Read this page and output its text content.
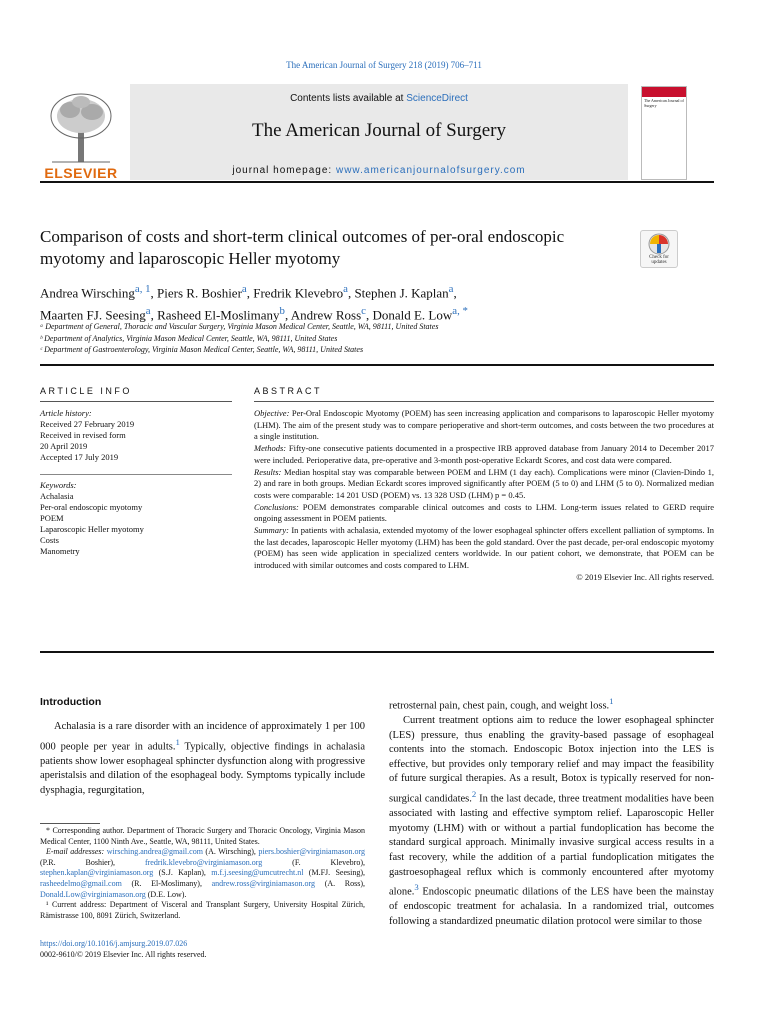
The American Journal of Surgery 218 (2019) 706–711
ELSEVIER
Contents lists available at ScienceDirect
The American Journal of Surgery
journal homepage: www.americanjournalofsurgery.com
The American Journal of Surgery
Comparison of costs and short-term clinical outcomes of per-oral endoscopic myotomy and laparoscopic Heller myotomy	Check for updates
Andrea Wirsching$^{a, 1}$, Piers R. Boshier$^a$, Fredrik Klevebro$^a$, Stephen J. Kaplan$^a$,
Maarten FJ. Seesing$^a$, Rasheed El-Moslimany$^b$, Andrew Ross$^c$, Donald E. Low$^{a, *}$
ᵃ Department of General, Thoracic and Vascular Surgery, Virginia Mason Medical Center, Seattle, WA, 98111, United States
ᵇ Department of Analytics, Virginia Mason Medical Center, Seattle, WA, 98111, United States
ᶜ Department of Gastroenterology, Virginia Mason Medical Center, Seattle, WA, 98111, United States
ARTICLE INFO
Article history:
Received 27 February 2019
Received in revised form
20 April 2019
Accepted 17 July 2019
Keywords:
Achalasia
Per-oral endoscopic myotomy
POEM
Laparoscopic Heller myotomy
Costs
Manometry
ABSTRACT

Objective: Per-Oral Endoscopic Myotomy (POEM) has seen increasing application and comparisons to laparoscopic Heller myotomy (LHM). The aim of the present study was to compare perioperative and short-term outcomes, and costs between the two procedures at a single institution.

Methods: Fifty-one consecutive patients documented in a prospective IRB approved database from January 2014 to December 2017 were included. Perioperative data, pre-operative and 3-month post-operative Eckardt Scores, and cost data were compared.

Results: Median hospital stay was comparable between POEM and LHM (1 day each). Complications were minor (Clavien-Dindo 1, 2) and rare in both groups. Median Eckardt scores improved significantly after POEM (5 to 0) and LHM (5 to 0). Normalized median costs were comparable: 14 201 USD (POEM) vs. 13 328 USD (LHM) p = 0.45.

Conclusions: POEM demonstrates comparable clinical outcomes and costs to LHM. Long-term issues related to GERD require ongoing assessment in POEM patients.

Summary: In patients with achalasia, extended myotomy of the lower esophageal sphincter offers excellent palliation of symptoms. In the last decades, laparoscopic Heller myotomy (LHM) has been the gold standard. Over the past decade, per-oral endoscopic myotomy (POEM) has seen wide application in specialized centers worldwide. In our patient cohort, we demonstrate, that POEM can be introduced with similar outcomes and costs compared to LHM.

© 2019 Elsevier Inc. All rights reserved.

Introduction

Achalasia is a rare disorder with an incidence of approximately 1 per 100 000 people per year in adults.$^1$ Typically, objective findings in achalasia patients show lower esophageal sphincter dysfunction along with progressive aperistalsis and dilation of the esophageal body. Symptoms typically include dysphagia, regurgitation,

retrosternal pain, chest pain, cough, and weight loss.$^1$

Current treatment options aim to reduce the lower esophageal sphincter (LES) pressure, thus enabling the gravity-based passage of esophageal contents into the stomach. Endoscopic Botox injection into the LES is effective, but provides only temporary relief and may impact the feasibility of future surgical therapies. As a result, Botox is typically reserved for non-surgical candidates.$^2$ In the last decade, three treatment modalities have been associated with lasting and effective symptom relief. Laparoscopic Heller myotomy (LHM) with or without a partial fundoplication has become the standard surgical approach. Minimally invasive surgical access results in a fast recovery, while the addition of a partial fundoplication mitigates the gastroesophageal reflux which is commonly encountered after myotomy alone.$^3$ Endoscopic pneumatic dilations of the LES have been the mainstay of endoscopic treatment for achalasia. In a randomized trial, outcomes following a standardized pneumatic dilation protocol were similar to those

* Corresponding author. Department of Thoracic Surgery and Thoracic Oncology, Virginia Mason Medical Center, 1100 Ninth Ave., Seattle, WA, 98111, United States.

E-mail addresses: wirsching.andrea@gmail.com (A. Wirsching), piers.boshier@virginiamason.org (P.R. Boshier), fredrik.klevebro@virginiamason.org (F. Klevebro), stephen.kaplan@virginiamason.org (S.J. Kaplan), m.f.j.seesing@umcutrecht.nl (M.FJ. Seesing), rasheedelmo@gmail.com (R. El-Moslimany), andrew.ross@virginiamason.org (A. Ross), Donald.Low@virginiamason.org (D.E. Low).

¹ Current address: Department of Visceral and Transplant Surgery, University Hospital Zürich, Rämistrasse 100, 8091 Zürich, Switzerland.

https://doi.org/10.1016/j.amjsurg.2019.07.026
0002-9610/© 2019 Elsevier Inc. All rights reserved.
